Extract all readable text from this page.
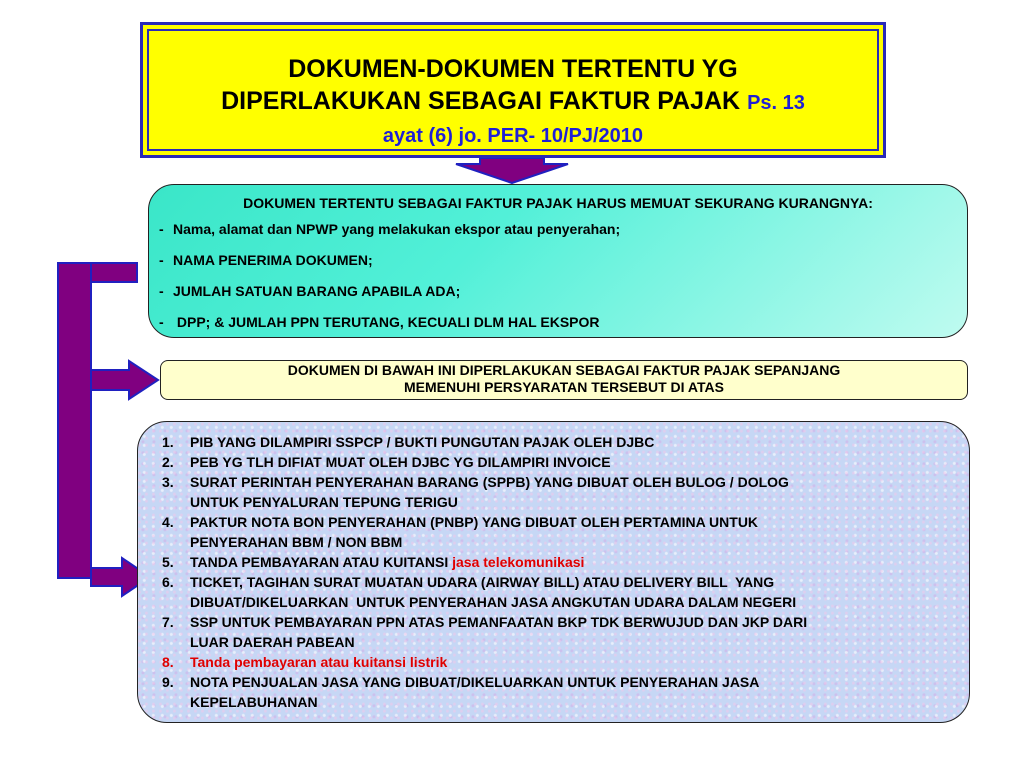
DOKUMEN-DOKUMEN TERTENTU YG
DIPERLAKUKAN SEBAGAI FAKTUR PAJAK Ps. 13
ayat (6) jo. PER- 10/PJ/2010
DOKUMEN TERTENTU SEBAGAI FAKTUR PAJAK HARUS MEMUAT SEKURANG KURANGNYA:
- Nama, alamat dan NPWP yang melakukan ekspor atau penyerahan;
- NAMA PENERIMA DOKUMEN;
- JUMLAH SATUAN BARANG APABILA ADA;
- DPP; & JUMLAH PPN TERUTANG, KECUALI DLM HAL EKSPOR
DOKUMEN DI BAWAH INI DIPERLAKUKAN SEBAGAI FAKTUR PAJAK SEPANJANG
MEMENUHI PERSYARATAN TERSEBUT DI ATAS
1.	PIB YANG DILAMPIRI SSPCP / BUKTI PUNGUTAN PAJAK OLEH DJBC
2.	PEB YG TLH DIFIAT MUAT OLEH DJBC YG DILAMPIRI INVOICE
3.	SURAT PERINTAH PENYERAHAN BARANG (SPPB) YANG DIBUAT OLEH BULOG / DOLOG
UNTUK PENYALURAN TEPUNG TERIGU
4.	PAKTUR NOTA BON PENYERAHAN (PNBP) YANG DIBUAT OLEH PERTAMINA UNTUK
PENYERAHAN BBM / NON BBM
5.	TANDA PEMBAYARAN ATAU KUITANSI jasa telekomunikasi
6.	TICKET, TAGIHAN SURAT MUATAN UDARA (AIRWAY BILL) ATAU DELIVERY BILL  YANG
DIBUAT/DIKELUARKAN  UNTUK PENYERAHAN JASA ANGKUTAN UDARA DALAM NEGERI
7.	SSP UNTUK PEMBAYARAN PPN ATAS PEMANFAATAN BKP TDK BERWUJUD DAN JKP DARI
LUAR DAERAH PABEAN
8.	Tanda pembayaran atau kuitansi listrik
9.	NOTA PENJUALAN JASA YANG DIBUAT/DIKELUARKAN UNTUK PENYERAHAN JASA
KEPELABUHANAN
